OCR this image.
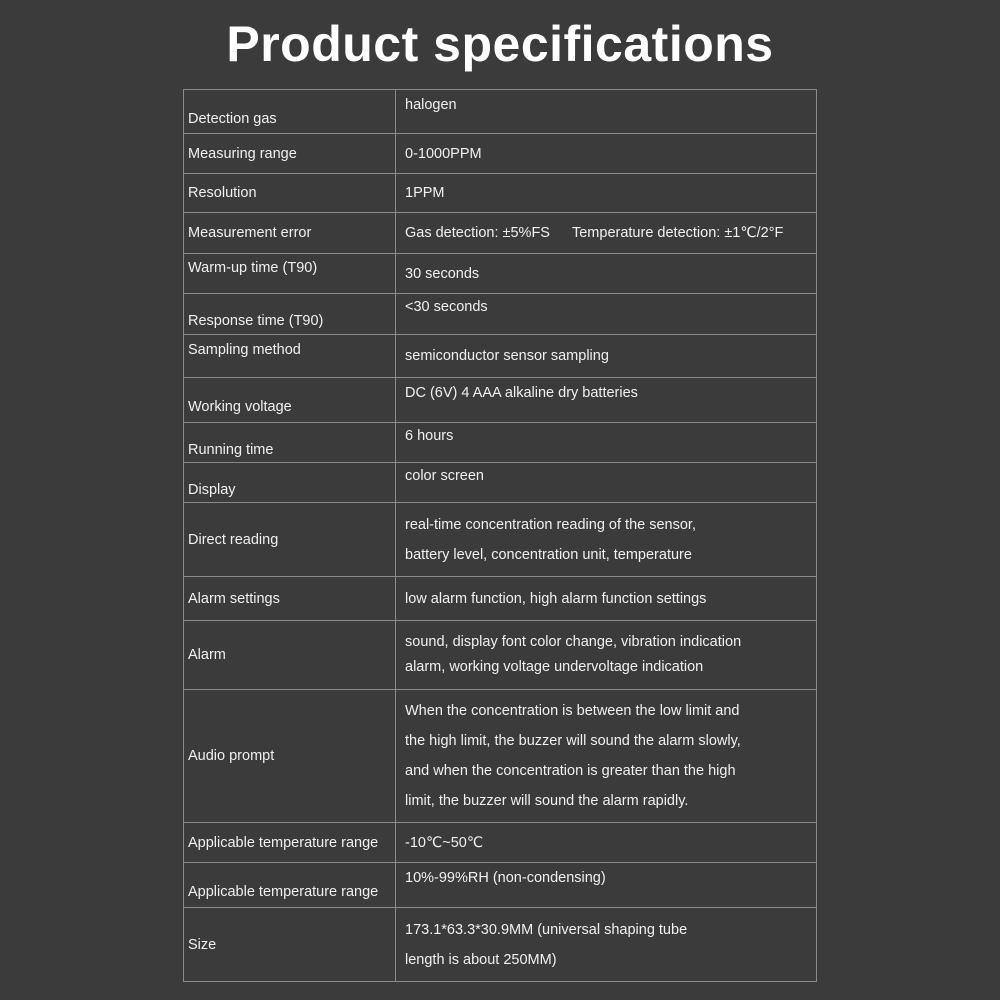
Product specifications
Detection gas	halogen

Measuring range	0-1000PPM

Resolution	1PPM

Measurement error	Gas detection: ±5%FS Temperature detection: ±1℃/2°F

Warm-up time (T90)	30 seconds

Response time (T90)	<30 seconds

Sampling method	semiconductor sensor sampling

Working voltage	DC (6V) 4 AAA alkaline dry batteries

Running time	6 hours

Display	color screen

Direct reading	real-time concentration reading of the sensor,
battery level, concentration unit, temperature

Alarm settings	low alarm function, high alarm function settings

Alarm	sound, display font color change, vibration indication
alarm, working voltage undervoltage indication

Audio prompt	When the concentration is between the low limit and
the high limit, the buzzer will sound the alarm slowly,
and when the concentration is greater than the high
limit, the buzzer will sound the alarm rapidly.

Applicable temperature range	-10℃~50℃

Applicable temperature range	10%-99%RH (non-condensing)

Size	173.1*63.3*30.9MM (universal shaping tube
length is about 250MM)
